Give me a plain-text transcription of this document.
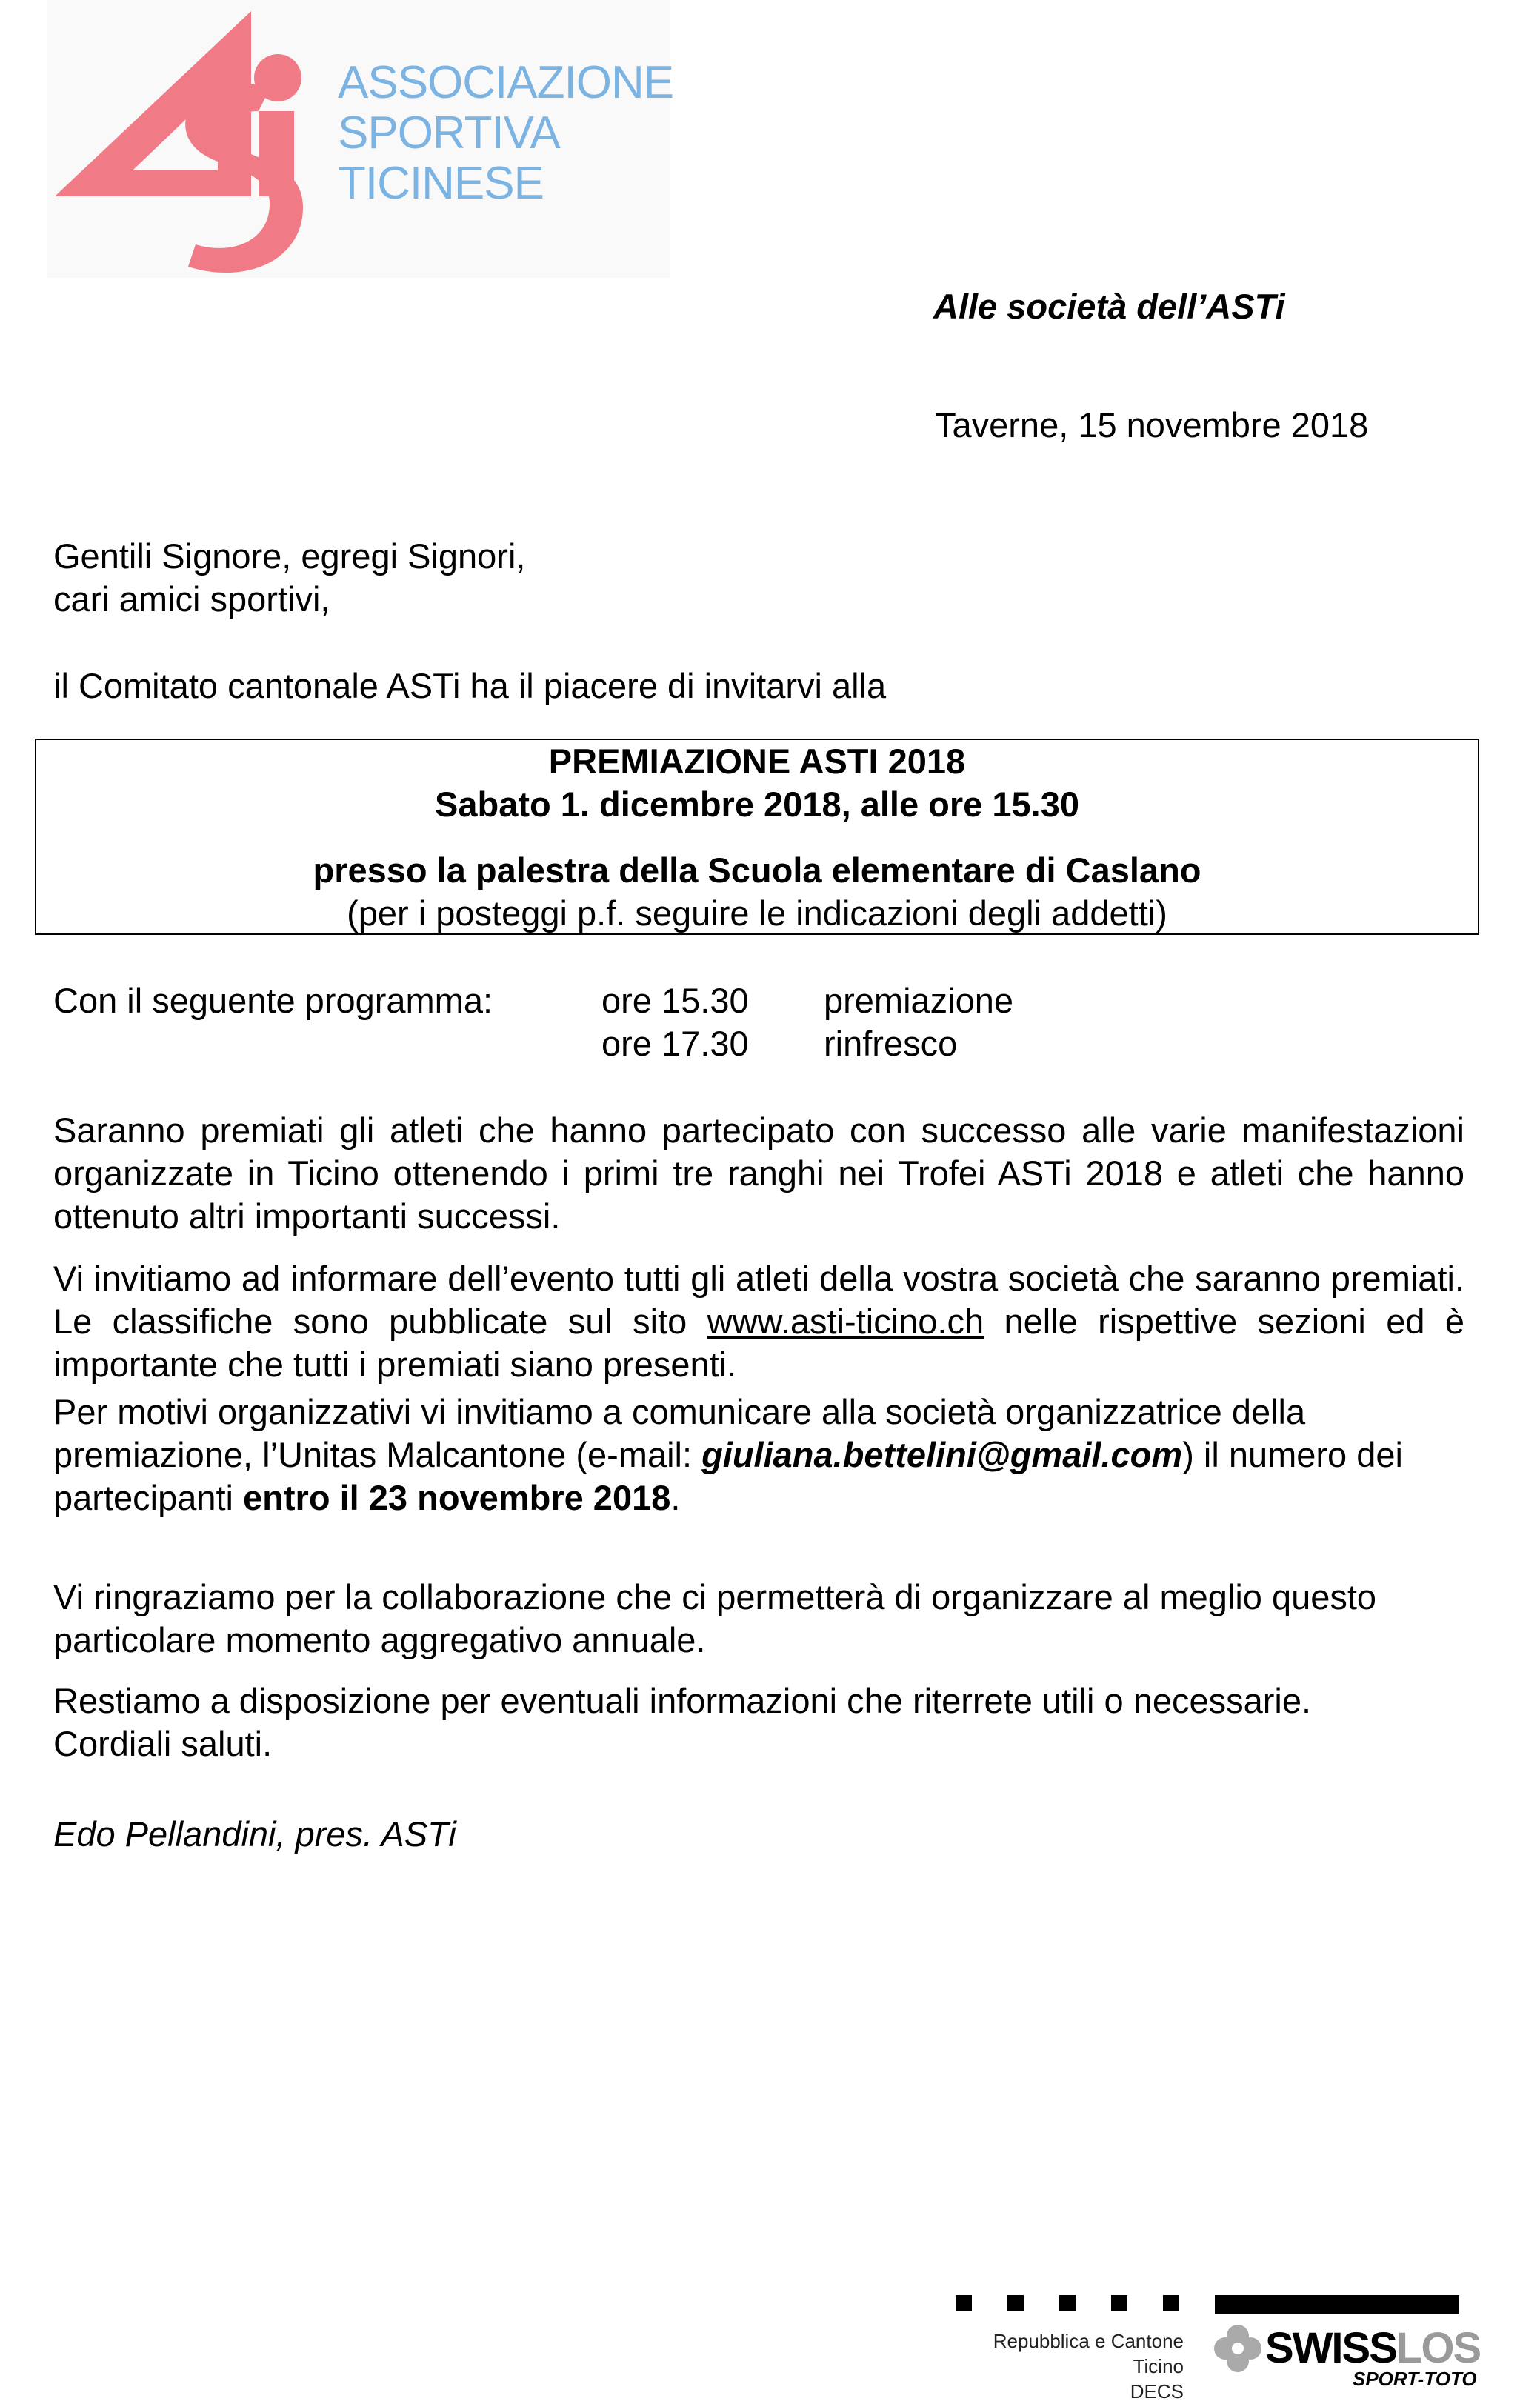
ASSOCIAZIONE
SPORTIVA
TICINESE
Alle società dell’ASTi
Taverne, 15 novembre 2018
Gentili Signore, egregi Signori,
cari amici sportivi,
il Comitato cantonale ASTi ha il piacere di invitarvi alla
PREMIAZIONE ASTI 2018
Sabato 1. dicembre 2018, alle ore 15.30
presso la palestra della Scuola elementare di Caslano
(per i posteggi p.f. seguire le indicazioni degli addetti)
Con il seguente programma:	ore 15.30 premiazione
ore 17.30 rinfresco
Saranno premiati gli atleti che hanno partecipato con successo alle varie manifestazioni organizzate in Ticino ottenendo i primi tre ranghi nei Trofei ASTi 2018 e atleti che hanno ottenuto altri importanti successi.
Vi invitiamo ad informare dell’evento tutti gli atleti della vostra società che saranno premiati. Le classifiche sono pubblicate sul sito www.asti-ticino.ch nelle rispettive sezioni ed è importante che tutti i premiati siano presenti.
Per motivi organizzativi vi invitiamo a comunicare alla società organizzatrice della premiazione, l’Unitas Malcantone (e-mail: giuliana.bettelini@gmail.com) il numero dei partecipanti entro il 23 novembre 2018.
Vi ringraziamo per la collaborazione che ci permetterà di organizzare al meglio questo particolare momento aggregativo annuale.
Restiamo a disposizione per eventuali informazioni che riterrete utili o necessarie.
Cordiali saluti.
Edo Pellandini, pres. ASTi
Repubblica e Cantone Ticino
DECS
SWISSLOS
SPORT-TOTO
